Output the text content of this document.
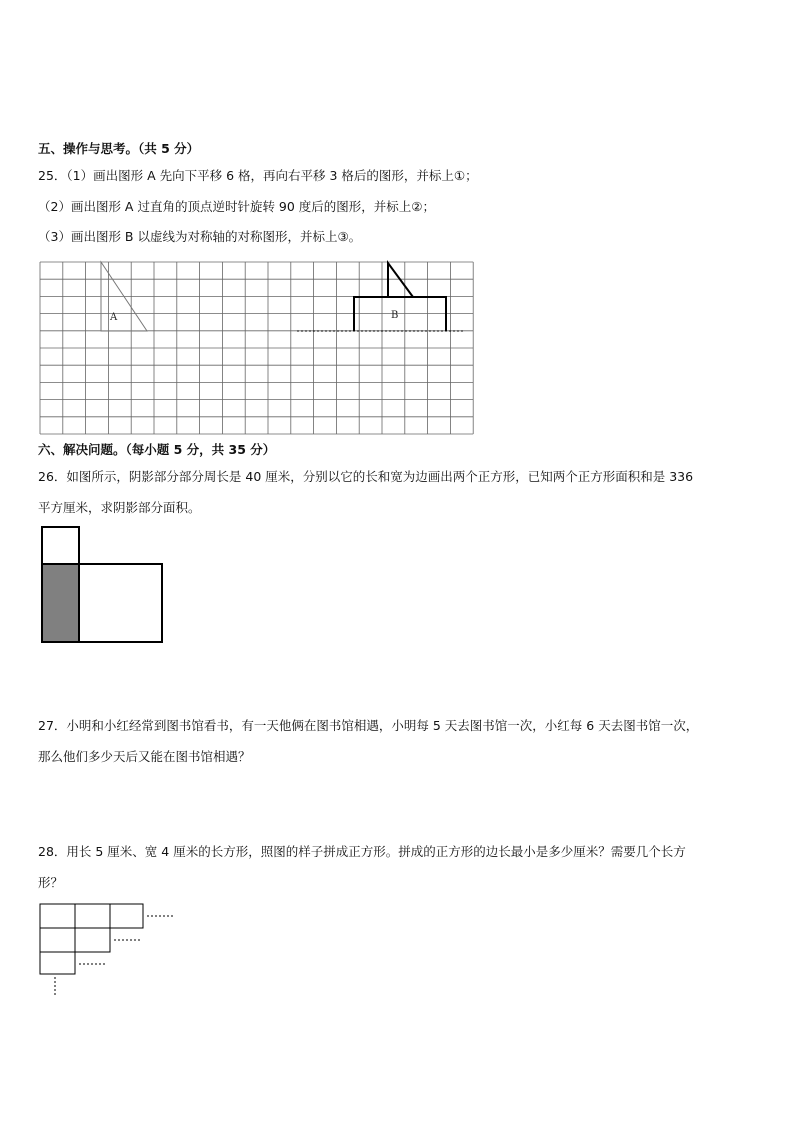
五、操作与思考。（共 5 分）
25．（1）画出图形 A 先向下平移 6 格，再向右平移 3 格后的图形，并标上①；
（2）画出图形 A 过直角的顶点逆时针旋转 90 度后的图形，并标上②；
（3）画出图形 B 以虚线为对称轴的对称图形，并标上③。
A	B
六、解决问题。（每小题 5 分，共 35 分）
26．如图所示，阴影部分部分周长是 40 厘米，分别以它的长和宽为边画出两个正方形，已知两个正方形面积和是 336
平方厘米，求阴影部分面积。
27．小明和小红经常到图书馆看书，有一天他俩在图书馆相遇，小明每 5 天去图书馆一次，小红每 6 天去图书馆一次，
那么他们多少天后又能在图书馆相遇？
28．用长 5 厘米、宽 4 厘米的长方形，照图的样子拼成正方形。拼成的正方形的边长最小是多少厘米？需要几个长方
形？
